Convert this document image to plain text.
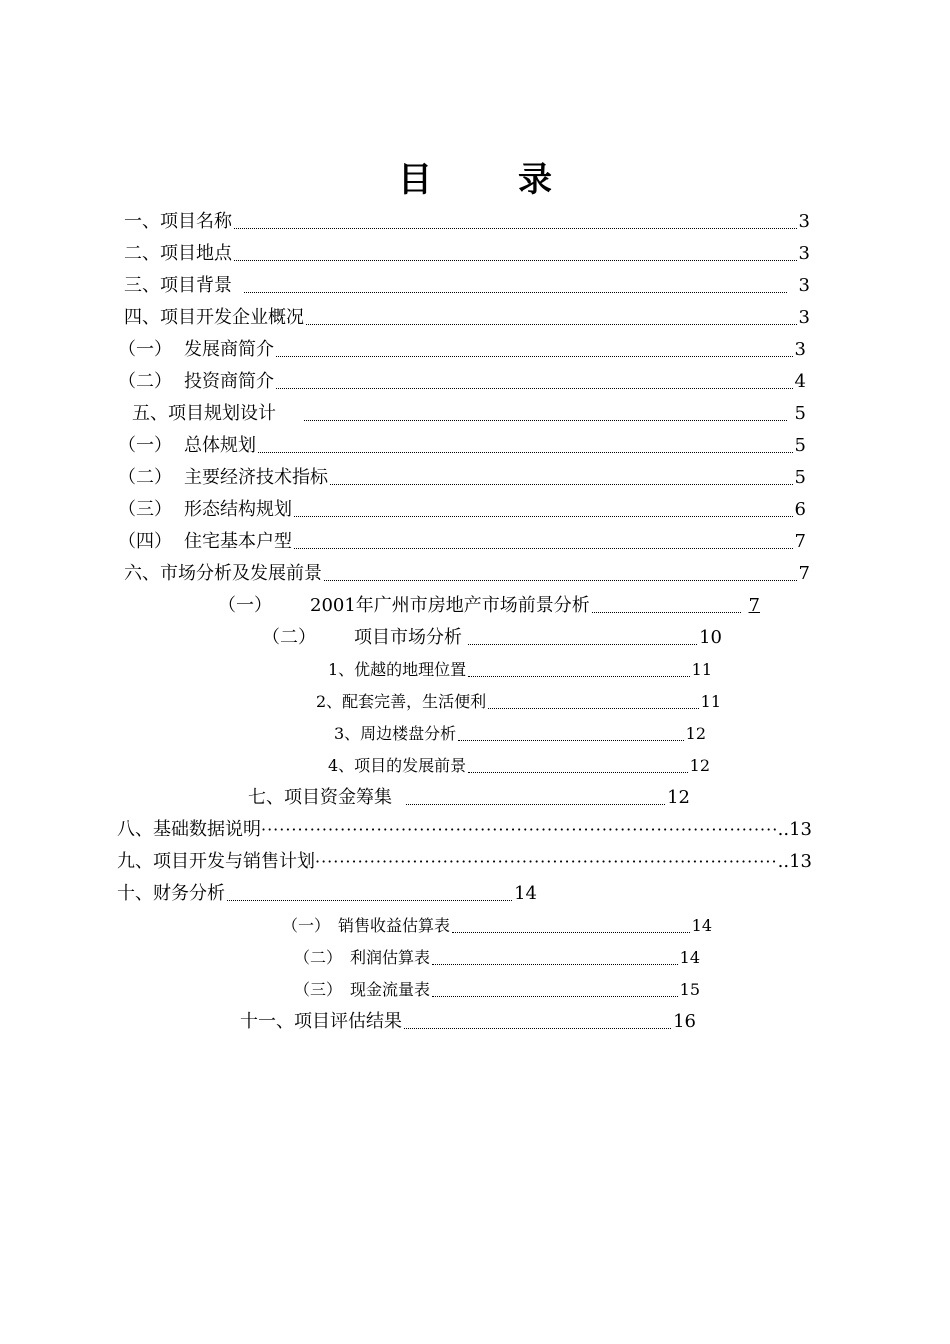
目　录
一、项目名称	3
二、项目地点	3
三、项目背景	3
四、项目开发企业概况	3
（一） 发展商简介	3
（二） 投资商简介	4
五、项目规划设计	5
（一） 总体规划	5
（二） 主要经济技术指标	5
（三） 形态结构规划	6
（四） 住宅基本户型	7
六、市场分析及发展前景	7
（一）	2001年广州市房地产市场前景分析	7
（二）	项目市场分析	10
1、优越的地理位置	11
2、配套完善，生活便利	11
3、周边楼盘分析	12
4、项目的发展前景	12
七、项目资金筹集	12
八、基础数据说明 ·····	..13
九、项目开发与销售计划 ·····	..13
十、财务分析	14
（一） 销售收益估算表	14
（二） 利润估算表	14
（三） 现金流量表	15
十一、项目评估结果	16
